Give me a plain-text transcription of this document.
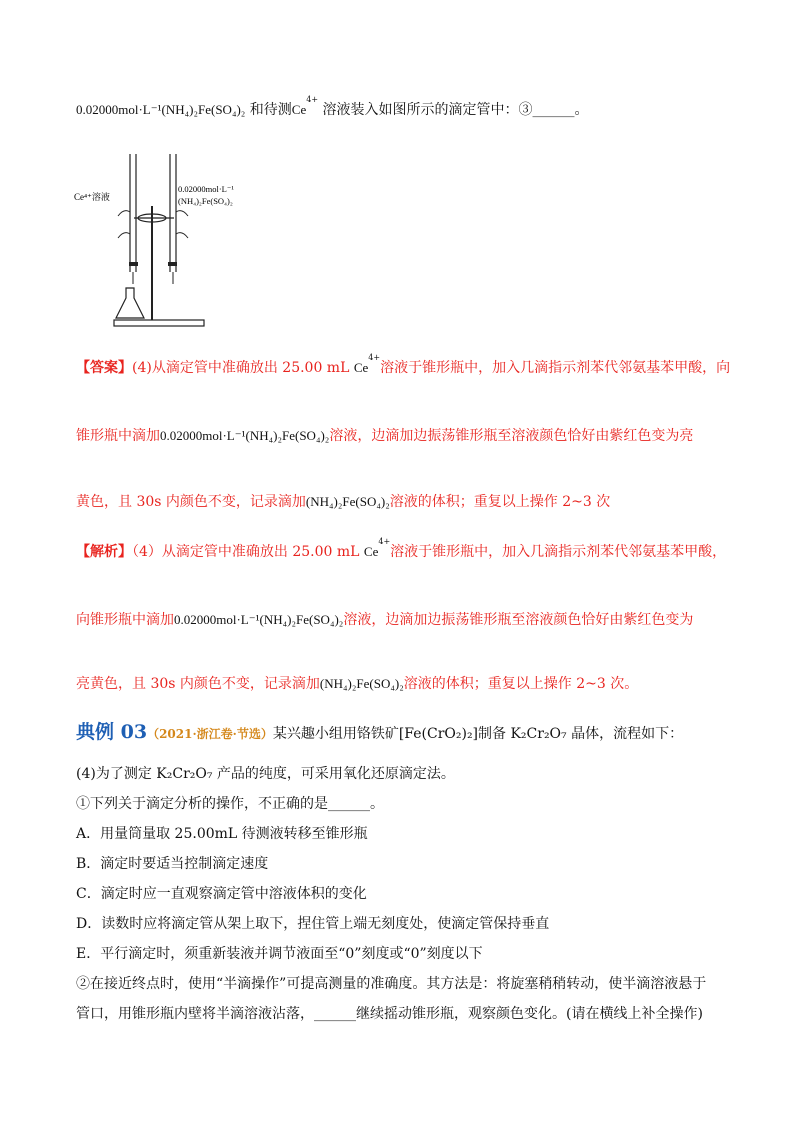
0.02000mol·L⁻¹(NH₄)₂Fe(SO₄)₂ 和待测$Ce^{4+}$ 溶液装入如图所示的滴定管中：③______。
Ce⁴⁺溶液
0.02000mol·L⁻¹
(NH₄)₂Fe(SO₄)₂
【答案】(4)从滴定管中准确放出 25.00 mL $Ce^{4+}$溶液于锥形瓶中，加入几滴指示剂苯代邻氨基苯甲酸，向
锥形瓶中滴加0.02000mol·L⁻¹(NH₄)₂Fe(SO₄)₂溶液，边滴加边振荡锥形瓶至溶液颜色恰好由紫红色变为亮
黄色，且 30s 内颜色不变，记录滴加(NH₄)₂Fe(SO₄)₂溶液的体积；重复以上操作 2~3 次
【解析】（4）从滴定管中准确放出 25.00 mL $Ce^{4+}$溶液于锥形瓶中，加入几滴指示剂苯代邻氨基苯甲酸，
向锥形瓶中滴加0.02000mol·L⁻¹(NH₄)₂Fe(SO₄)₂溶液，边滴加边振荡锥形瓶至溶液颜色恰好由紫红色变为
亮黄色，且 30s 内颜色不变，记录滴加(NH₄)₂Fe(SO₄)₂溶液的体积；重复以上操作 2~3 次。
典例 03（2021·浙江卷·节选）某兴趣小组用铬铁矿[Fe(CrO₂)₂]制备 K₂Cr₂O₇ 晶体，流程如下：
(4)为了测定 K₂Cr₂O₇ 产品的纯度，可采用氧化还原滴定法。
①下列关于滴定分析的操作，不正确的是______。
A．用量筒量取 25.00mL 待测液转移至锥形瓶
B．滴定时要适当控制滴定速度
C．滴定时应一直观察滴定管中溶液体积的变化
D．读数时应将滴定管从架上取下，捏住管上端无刻度处，使滴定管保持垂直
E．平行滴定时，须重新装液并调节液面至“0”刻度或“0”刻度以下
②在接近终点时，使用“半滴操作”可提高测量的准确度。其方法是：将旋塞稍稍转动，使半滴溶液悬于
管口，用锥形瓶内壁将半滴溶液沾落，______继续摇动锥形瓶，观察颜色变化。(请在横线上补全操作)
